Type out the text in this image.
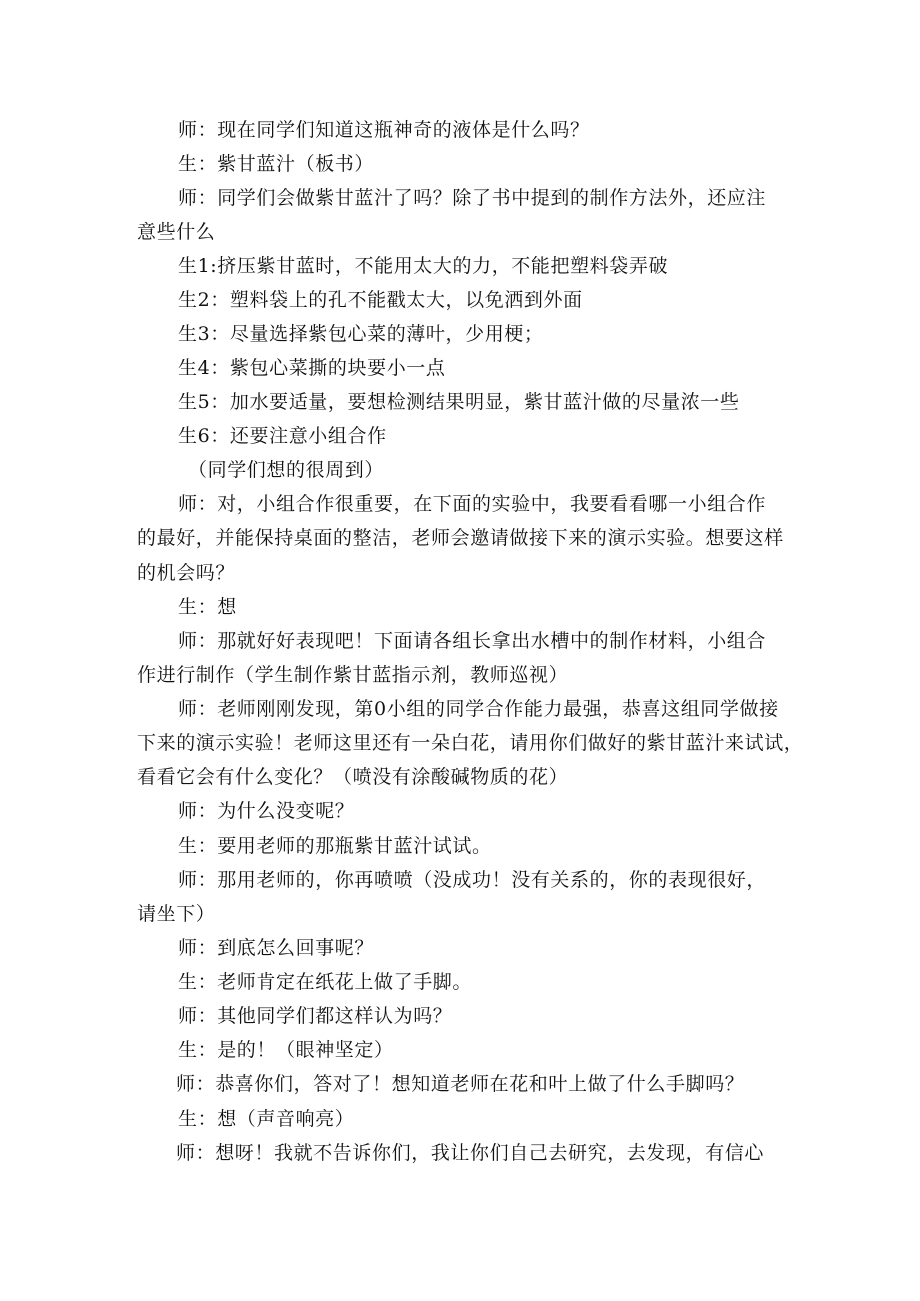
师：现在同学们知道这瓶神奇的液体是什么吗？
生：紫甘蓝汁（板书）
师：同学们会做紫甘蓝汁了吗？除了书中提到的制作方法外，还应注
意些什么
生1:挤压紫甘蓝时，不能用太大的力，不能把塑料袋弄破
生2：塑料袋上的孔不能戳太大，以免洒到外面
生3：尽量选择紫包心菜的薄叶，少用梗；
生4：紫包心菜撕的块要小一点
生5：加水要适量，要想检测结果明显，紫甘蓝汁做的尽量浓一些
生6：还要注意小组合作
（同学们想的很周到）
师：对，小组合作很重要，在下面的实验中，我要看看哪一小组合作
的最好，并能保持桌面的整洁，老师会邀请做接下来的演示实验。想要这样
的机会吗？
生：想
师：那就好好表现吧！下面请各组长拿出水槽中的制作材料，小组合
作进行制作（学生制作紫甘蓝指示剂，教师巡视）
师：老师刚刚发现，第0小组的同学合作能力最强，恭喜这组同学做接
下来的演示实验！老师这里还有一朵白花，请用你们做好的紫甘蓝汁来试试，
看看它会有什么变化？（喷没有涂酸碱物质的花）
师：为什么没变呢？
生：要用老师的那瓶紫甘蓝汁试试。
师：那用老师的，你再喷喷（没成功！没有关系的，你的表现很好，
请坐下）
师：到底怎么回事呢？
生：老师肯定在纸花上做了手脚。
师：其他同学们都这样认为吗？
生：是的！（眼神坚定）
师：恭喜你们，答对了！想知道老师在花和叶上做了什么手脚吗？
生：想（声音响亮）
师：想呀！我就不告诉你们，我让你们自己去研究，去发现，有信心
